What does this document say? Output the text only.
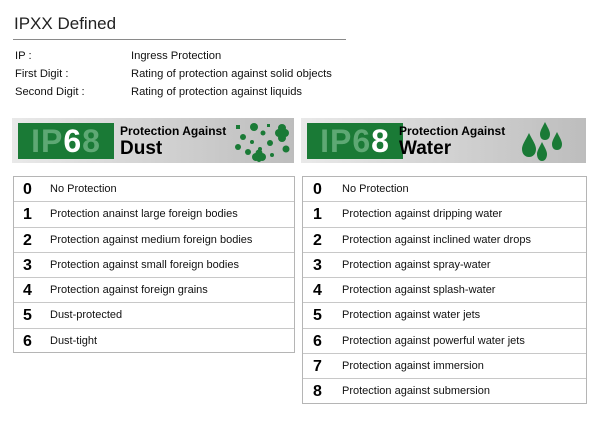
IPXX Defined
IP :	Ingress Protection
First Digit :	Rating of protection against solid objects
Second Digit :	Rating of protection against liquids
IP68	Protection Against
Dust	IP68 Protection Against
Water
0	No Protection
1	Protection anainst large foreign bodies
2	Protection against medium foreign bodies
3	Protection against small foreign bodies
4	Protection against foreign grains
5	Dust-protected
6	Dust-tight
0	No Protection
1	Protection against dripping water
2	Protection against inclined water drops
3	Protection against spray-water
4	Protection against splash-water
5	Protection against water jets
6	Protection against powerful water jets
7	Protection against immersion
8	Protection against submersion
